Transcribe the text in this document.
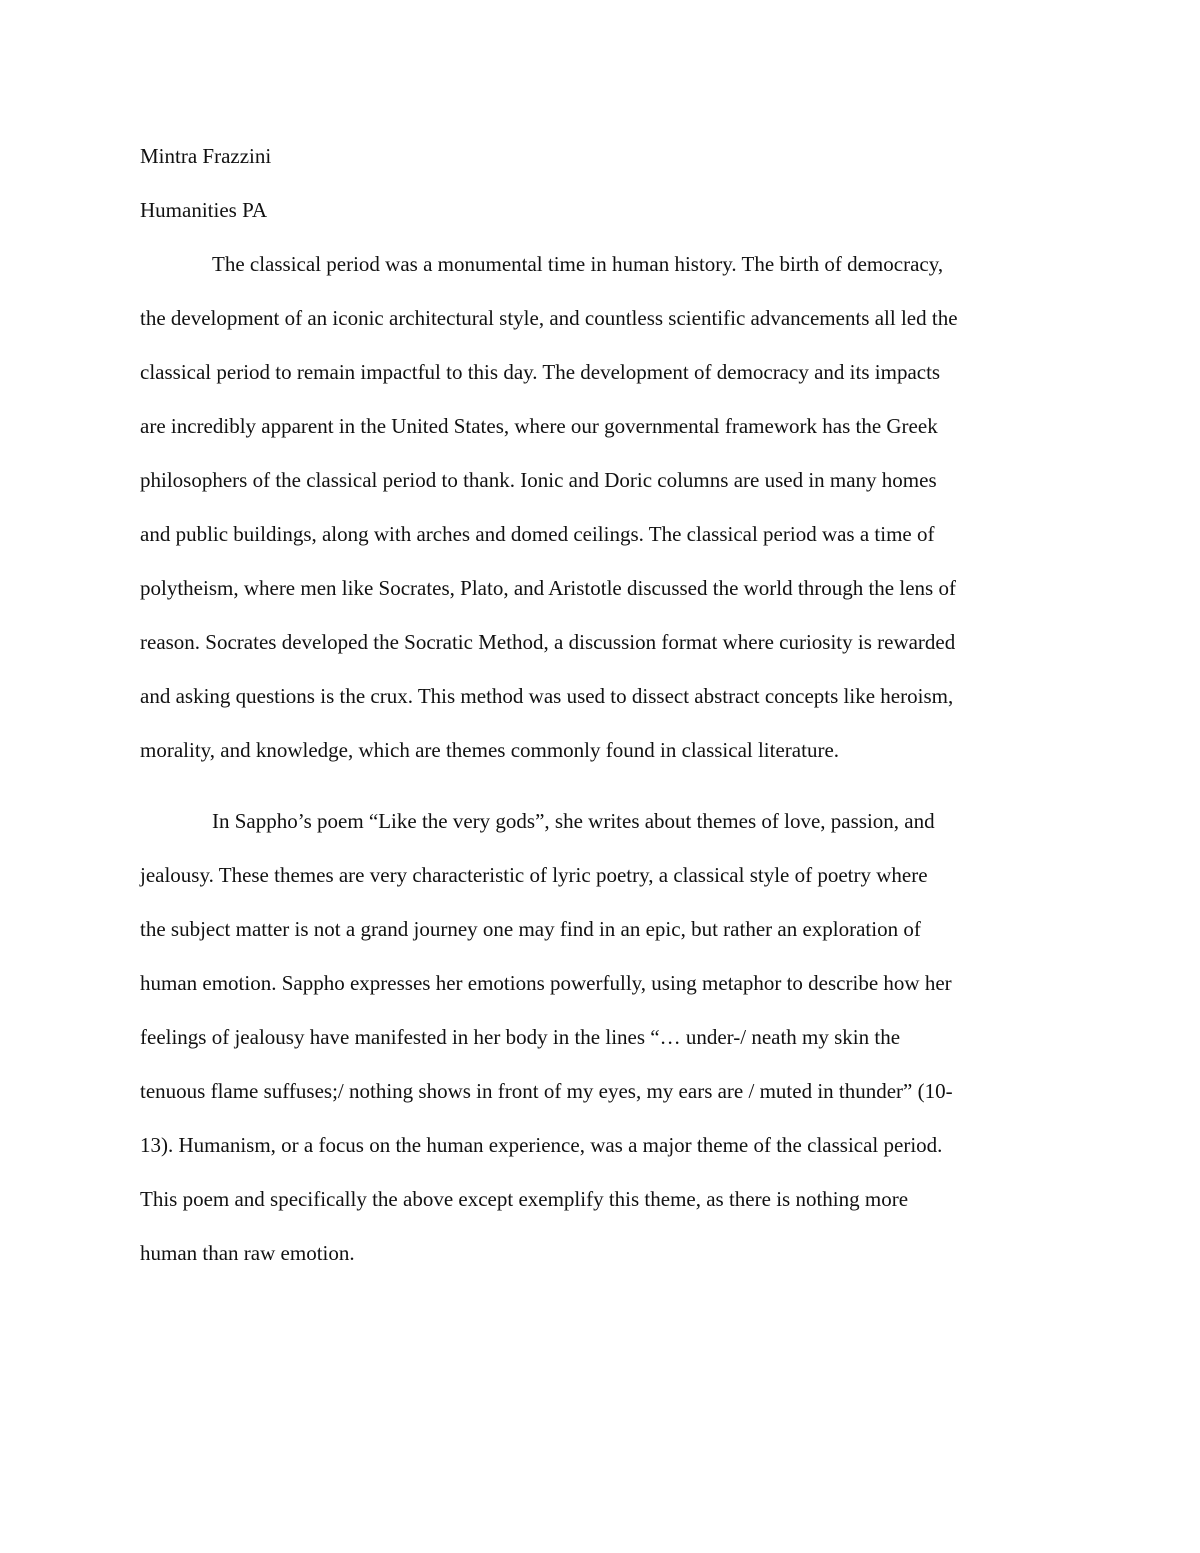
Mintra Frazzini

Humanities PA

The classical period was a monumental time in human history. The birth of democracy,
the development of an iconic architectural style, and countless scientific advancements all led the
classical period to remain impactful to this day. The development of democracy and its impacts
are incredibly apparent in the United States, where our governmental framework has the Greek
philosophers of the classical period to thank. Ionic and Doric columns are used in many homes
and public buildings, along with arches and domed ceilings. The classical period was a time of
polytheism, where men like Socrates, Plato, and Aristotle discussed the world through the lens of
reason. Socrates developed the Socratic Method, a discussion format where curiosity is rewarded
and asking questions is the crux. This method was used to dissect abstract concepts like heroism,
morality, and knowledge, which are themes commonly found in classical literature.
In Sappho’s poem “Like the very gods”, she writes about themes of love, passion, and
jealousy. These themes are very characteristic of lyric poetry, a classical style of poetry where
the subject matter is not a grand journey one may find in an epic, but rather an exploration of
human emotion. Sappho expresses her emotions powerfully, using metaphor to describe how her
feelings of jealousy have manifested in her body in the lines “… under-/ neath my skin the
tenuous flame suffuses;/ nothing shows in front of my eyes, my ears are / muted in thunder” (10-
13). Humanism, or a focus on the human experience, was a major theme of the classical period.
This poem and specifically the above except exemplify this theme, as there is nothing more
human than raw emotion.
